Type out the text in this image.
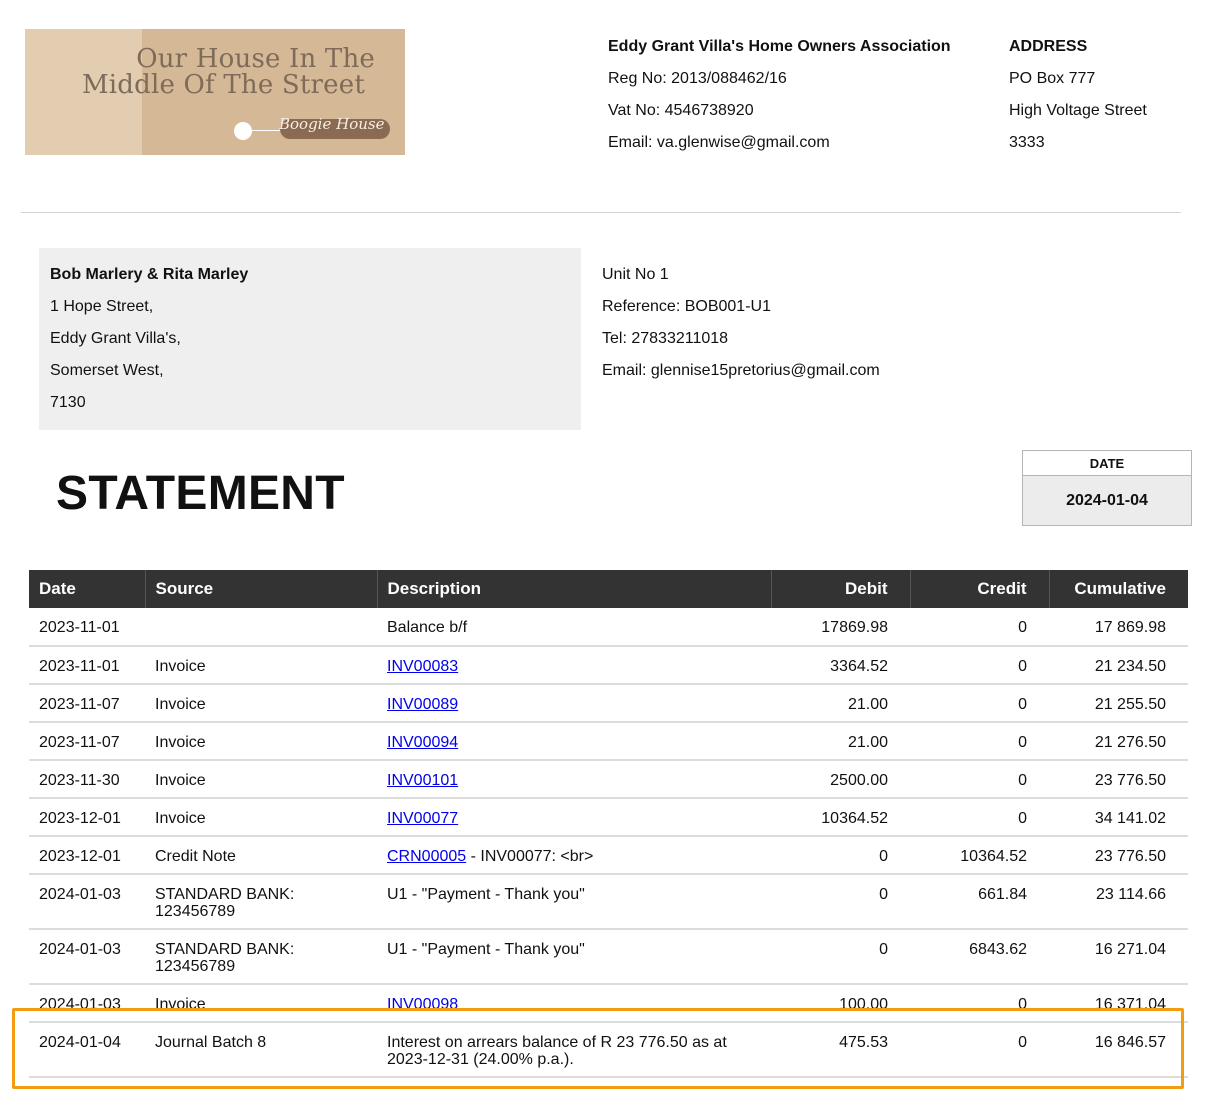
Our House In The
Middle Of The Street
Boogie House
Eddy Grant Villa's Home Owners Association
Reg No: 2013/088462/16
Vat No: 4546738920
Email: va.glenwise@gmail.com
ADDRESS
PO Box 777
High Voltage Street
3333
Bob Marlery & Rita Marley
1 Hope Street,
Eddy Grant Villa's,
Somerset West,
7130
Unit No 1
Reference: BOB001-U1
Tel: 27833211018
Email: glennise15pretorius@gmail.com
STATEMENT
DATE
2024-01-04
Date	Source	Description	Debit	Credit	Cumulative
2023-11-01		Balance b/f	17869.98	0	17 869.98
2023-11-01	Invoice	INV00083	3364.52	0	21 234.50
2023-11-07	Invoice	INV00089	21.00	0	21 255.50
2023-11-07	Invoice	INV00094	21.00	0	21 276.50
2023-11-30	Invoice	INV00101	2500.00	0	23 776.50
2023-12-01	Invoice	INV00077	10364.52	0	34 141.02
2023-12-01	Credit Note	CRN00005 - INV00077: <br>	0	10364.52	23 776.50
2024-01-03	STANDARD BANK: 123456789	U1 - "Payment - Thank you"	0	661.84	23 114.66
2024-01-03	STANDARD BANK: 123456789	U1 - "Payment - Thank you"	0	6843.62	16 271.04
2024-01-03	Invoice	INV00098	100.00	0	16 371.04
2024-01-04	Journal Batch 8	Interest on arrears balance of R 23 776.50 as at 2023-12-31 (24.00% p.a.).	475.53	0	16 846.57
